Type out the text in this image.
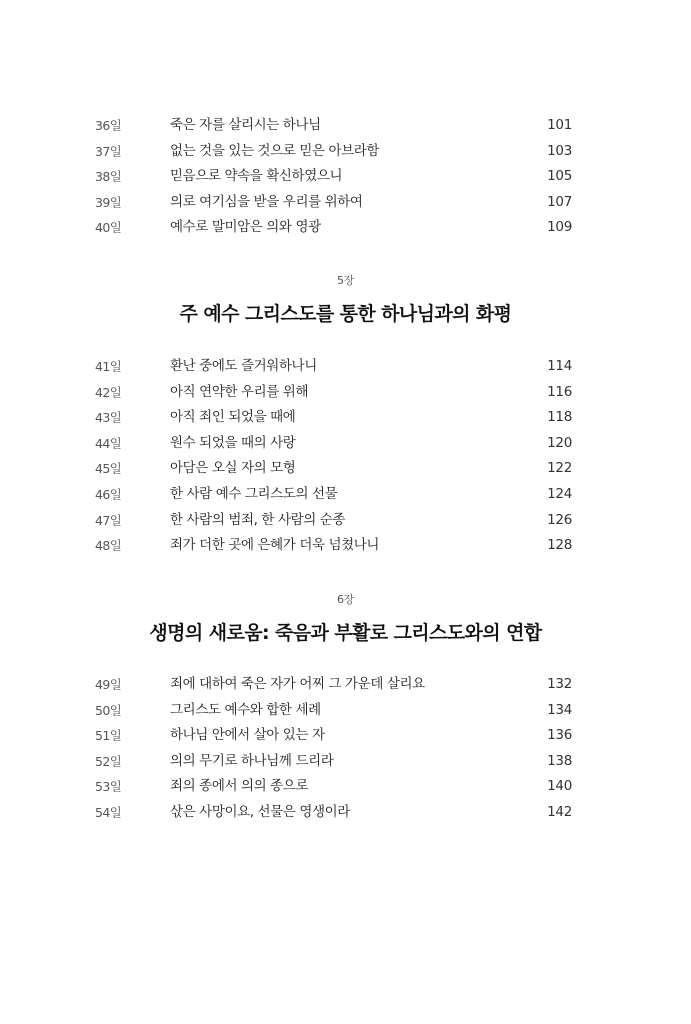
36일	죽은 자를 살리시는 하나님	101
37일	없는 것을 있는 것으로 믿은 아브라함	103
38일	믿음으로 약속을 확신하였으니	105
39일	의로 여기심을 받을 우리를 위하여	107
40일	예수로 말미암은 의와 영광	109
5장
주 예수 그리스도를 통한 하나님과의 화평
41일	환난 중에도 즐거워하나니	114
42일	아직 연약한 우리를 위해	116
43일	아직 죄인 되었을 때에	118
44일	원수 되었을 때의 사랑	120
45일	아담은 오실 자의 모형	122
46일	한 사람 예수 그리스도의 선물	124
47일	한 사람의 범죄, 한 사람의 순종	126
48일	죄가 더한 곳에 은혜가 더욱 넘쳤나니	128
6장
생명의 새로움: 죽음과 부활로 그리스도와의 연합
49일	죄에 대하여 죽은 자가 어찌 그 가운데 살리요	132
50일	그리스도 예수와 합한 세례	134
51일	하나님 안에서 살아 있는 자	136
52일	의의 무기로 하나님께 드리라	138
53일	죄의 종에서 의의 종으로	140
54일	삯은 사망이요, 선물은 영생이라	142
